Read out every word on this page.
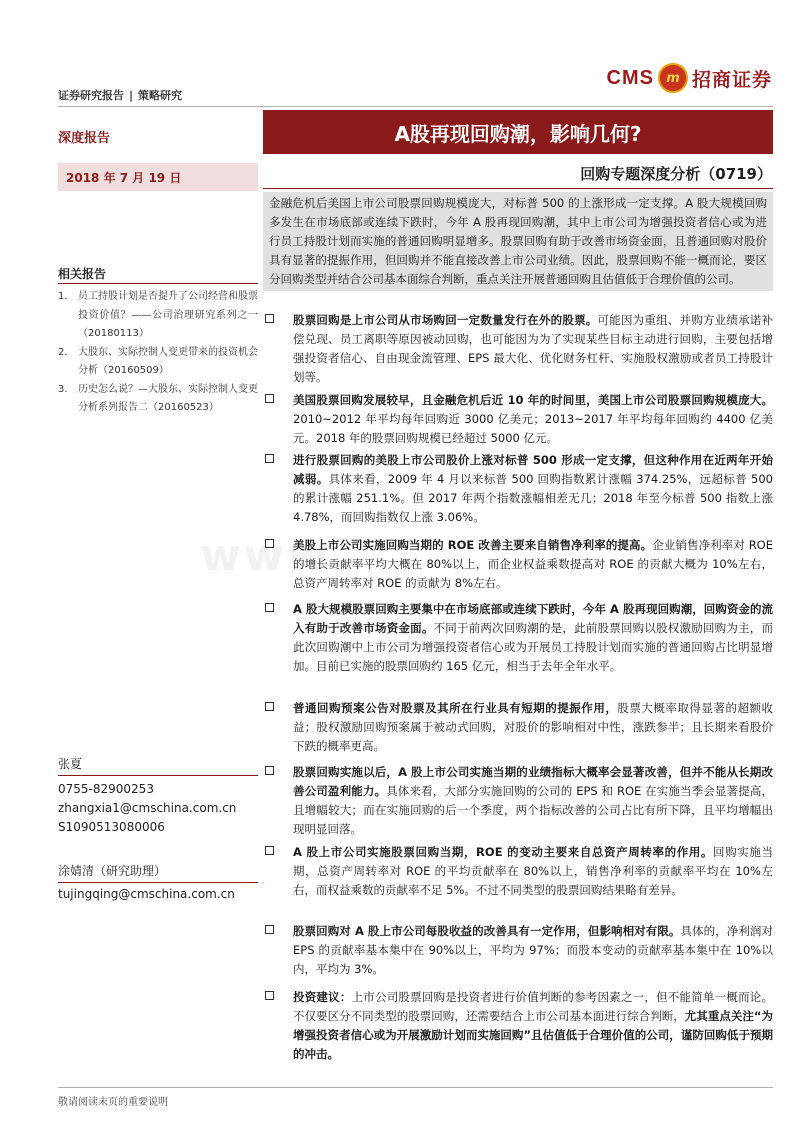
证券研究报告 | 策略研究
CMS m 招商证券
深度报告	A股再现回购潮，影响几何?
2018 年 7 月 19 日	回购专题深度分析（0719）
金融危机后美国上市公司股票回购规模庞大，对标普 500 的上涨形成一定支撑。A 股大规模回购多发生在市场底部或连续下跌时，今年 A 股再现回购潮，其中上市公司为增强投资者信心或为进行员工持股计划而实施的普通回购明显增多。股票回购有助于改善市场资金面，且普通回购对股价具有显著的提振作用，但回购并不能直接改善上市公司业绩。因此，股票回购不能一概而论，要区分回购类型并结合公司基本面综合判断，重点关注开展普通回购且估值低于合理价值的公司。
相关报告
1.	员工持股计划是否提升了公司经营和股票投资价值？——公司治理研究系列之一（20180113）
2.	大股东、实际控制人变更带来的投资机会分析（20160509）
3.	历史怎么说？—大股东、实际控制人变更分析系列报告二（20160523）
张夏
0755-82900253
zhangxia1@cmschina.com.cn
S1090513080006
涂婧清（研究助理）
tujingqing@cmschina.com.cn
www.
股票回购是上市公司从市场购回一定数量发行在外的股票。可能因为重组、并购方业绩承诺补偿兑现、员工离职等原因被动回购，也可能因为为了实现某些目标主动进行回购，主要包括增强投资者信心、自由现金流管理、EPS 最大化、优化财务杠杆、实施股权激励或者员工持股计划等。
美国股票回购发展较早，且金融危机后近 10 年的时间里，美国上市公司股票回购规模庞大。2010~2012 年平均每年回购近 3000 亿美元；2013~2017 年平均每年回购约 4400 亿美元。2018 年的股票回购规模已经超过 5000 亿元。
进行股票回购的美股上市公司股价上涨对标普 500 形成一定支撑，但这种作用在近两年开始减弱。具体来看，2009 年 4 月以来标普 500 回购指数累计涨幅 374.25%，远超标普 500 的累计涨幅 251.1%。但 2017 年两个指数涨幅相差无几；2018 年至今标普 500 指数上涨 4.78%，而回购指数仅上涨 3.06%。
美股上市公司实施回购当期的 ROE 改善主要来自销售净利率的提高。企业销售净利率对 ROE 的增长贡献率平均大概在 80%以上，而企业权益乘数提高对 ROE 的贡献大概为 10%左右，总资产周转率对 ROE 的贡献为 8%左右。
A 股大规模股票回购主要集中在市场底部或连续下跌时，今年 A 股再现回购潮，回购资金的流入有助于改善市场资金面。不同于前两次回购潮的是，此前股票回购以股权激励回购为主，而此次回购潮中上市公司为增强投资者信心或为开展员工持股计划而实施的普通回购占比明显增加。目前已实施的股票回购约 165 亿元，相当于去年全年水平。
普通回购预案公告对股票及其所在行业具有短期的提振作用，股票大概率取得显著的超额收益；股权激励回购预案属于被动式回购，对股价的影响相对中性，涨跌参半；且长期来看股价下跌的概率更高。
股票回购实施以后，A 股上市公司实施当期的业绩指标大概率会显著改善，但并不能从长期改善公司盈利能力。具体来看，大部分实施回购的公司的 EPS 和 ROE 在实施当季会显著提高，且增幅较大；而在实施回购的后一个季度，两个指标改善的公司占比有所下降，且平均增幅出现明显回落。
A 股上市公司实施股票回购当期，ROE 的变动主要来自总资产周转率的作用。回购实施当期，总资产周转率对 ROE 的平均贡献率在 80%以上，销售净利率的贡献率平均在 10%左右，而权益乘数的贡献率不足 5%。不过不同类型的股票回购结果略有差异。
股票回购对 A 股上市公司每股收益的改善具有一定作用，但影响相对有限。具体的，净利润对 EPS 的贡献率基本集中在 90%以上，平均为 97%；而股本变动的贡献率基本集中在 10%以内，平均为 3%。
投资建议：上市公司股票回购是投资者进行价值判断的参考因素之一，但不能简单一概而论。不仅要区分不同类型的股票回购，还需要结合上市公司基本面进行综合判断，尤其重点关注“为增强投资者信心或为开展激励计划而实施回购”且估值低于合理价值的公司，谨防回购低于预期的冲击。
敬请阅读末页的重要说明
